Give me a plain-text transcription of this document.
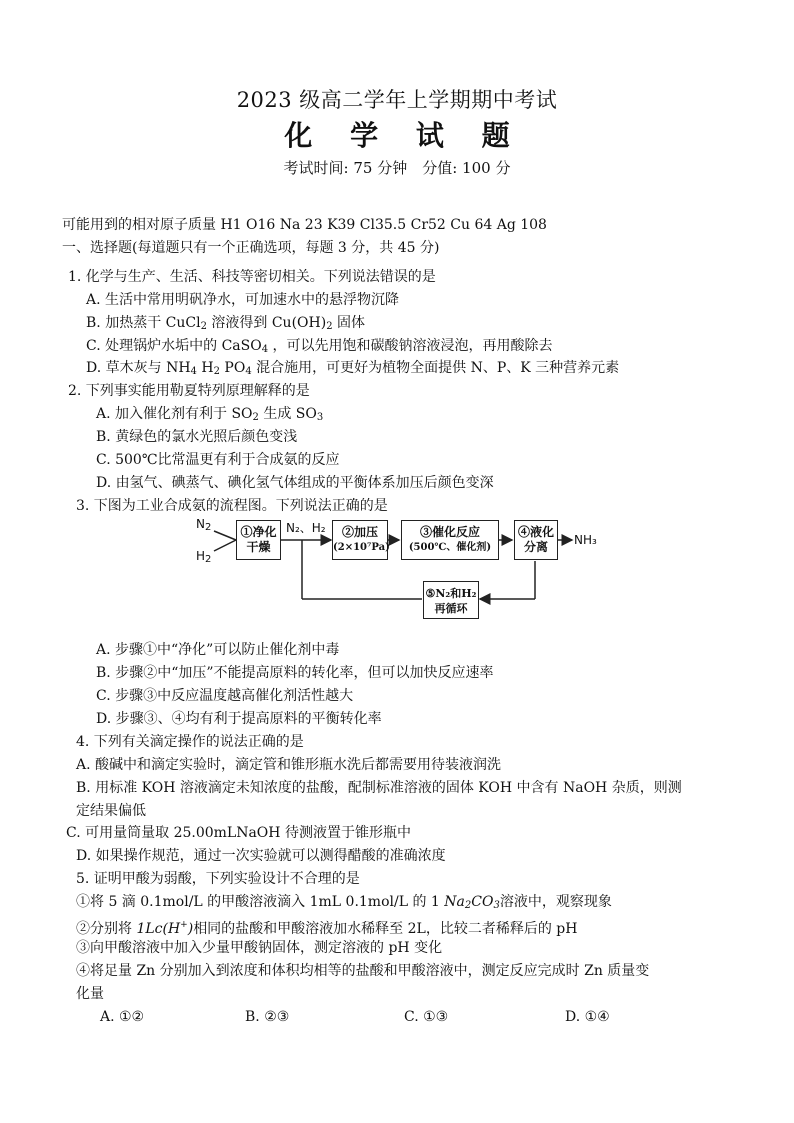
2023 级高二学年上学期期中考试
化 学 试 题
考试时间: 75 分钟　分值: 100 分
可能用到的相对原子质量 H1 O16 Na 23 K39 Cl35.5 Cr52 Cu 64 Ag 108
一、选择题(每道题只有一个正确选项，每题 3 分，共 45 分)
1. 化学与生产、生活、科技等密切相关。下列说法错误的是
A. 生活中常用明矾净水，可加速水中的悬浮物沉降
B. 加热蒸干 CuCl$_2$ 溶液得到 $Cu(OH)_2$ 固体
C. 处理锅炉水垢中的 CaSO$_4$ ，可以先用饱和碳酸钠溶液浸泡，再用酸除去
D. 草木灰与 $NH_4$ $H_2$ $PO_4$ 混合施用，可更好为植物全面提供 N、P、K 三种营养元素
2. 下列事实能用勒夏特列原理解释的是
A. 加入催化剂有利于 $SO_2$ 生成 $SO_3$
B. 黄绿色的氯水光照后颜色变浅
C. 500℃比常温更有利于合成氨的反应
D. 由氢气、碘蒸气、碘化氢气体组成的平衡体系加压后颜色变深
3. 下图为工业合成氨的流程图。下列说法正确的是
$N_2$
$H_2$
①净化
干燥
N₂、H₂	②加压
(2×10⁷Pa)
③催化反应
(500℃、催化剂)
④液化
分离	NH₃
⑤N₂和H₂
再循环
A. 步骤①中“净化”可以防止催化剂中毒
B. 步骤②中“加压”不能提高原料的转化率，但可以加快反应速率
C. 步骤③中反应温度越高催化剂活性越大
D. 步骤③、④均有利于提高原料的平衡转化率
4. 下列有关滴定操作的说法正确的是
A. 酸碱中和滴定实验时，滴定管和锥形瓶水洗后都需要用待装液润洗
B. 用标准 KOH 溶液滴定未知浓度的盐酸，配制标准溶液的固体 KOH 中含有 NaOH 杂质，则测
定结果偏低
C. 可用量筒量取 25.00mLNaOH 待测液置于锥形瓶中
D. 如果操作规范，通过一次实验就可以测得醋酸的准确浓度
5. 证明甲酸为弱酸，下列实验设计不合理的是
①将 5 滴 0.1mol/L 的甲酸溶液滴入 1mL 0.1mol/L 的 1 $Na_2CO_3$溶液中，观察现象
②分别将 1Lc(H+)相同的盐酸和甲酸溶液加水稀释至 2L，比较二者稀释后的 pH
③向甲酸溶液中加入少量甲酸钠固体，测定溶液的 pH 变化
④将足量 Zn 分别加入到浓度和体积均相等的盐酸和甲酸溶液中，测定反应完成时 Zn 质量变
化量
A. ①②	B. ②③	C. ①③	D. ①④
